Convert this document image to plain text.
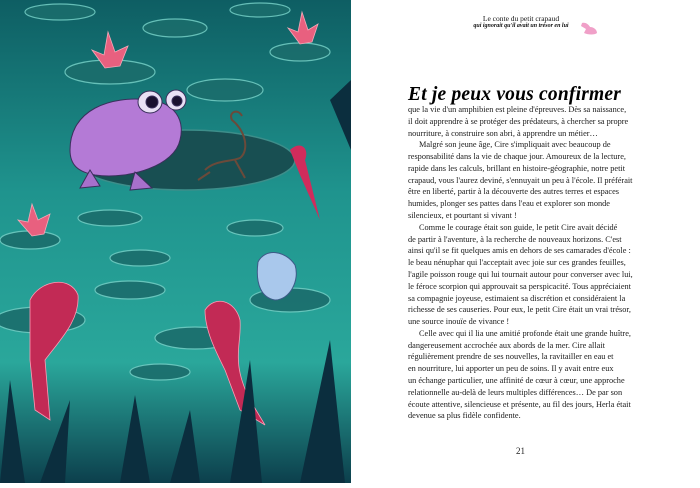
Le conte du petit crapaud
qui ignorait qu'il avait un trésor en lui
Et je peux vous confirmer
que la vie d'un amphibien est pleine d'épreuves. Dès sa naissance,
il doit apprendre à se protéger des prédateurs, à chercher sa propre
nourriture, à construire son abri, à apprendre un métier…
Malgré son jeune âge, Cire s'impliquait avec beaucoup de
responsabilité dans la vie de chaque jour. Amoureux de la lecture,
rapide dans les calculs, brillant en histoire-géographie, notre petit
crapaud, vous l'aurez deviné, s'ennuyait un peu à l'école. Il préférait
être en liberté, partir à la découverte des autres terres et espaces
humides, plonger ses pattes dans l'eau et explorer son monde
silencieux, et pourtant si vivant !
Comme le courage était son guide, le petit Cire avait décidé
de partir à l'aventure, à la recherche de nouveaux horizons. C'est
ainsi qu'il se fit quelques amis en dehors de ses camarades d'école :
le beau nénuphar qui l'acceptait avec joie sur ces grandes feuilles,
l'agile poisson rouge qui lui tournait autour pour converser avec lui,
le féroce scorpion qui approuvait sa perspicacité. Tous appréciaient
sa compagnie joyeuse, estimaient sa discrétion et considéraient la
richesse de ses causeries. Pour eux, le petit Cire était un vrai trésor,
une source inouïe de vivance !
Celle avec qui il lia une amitié profonde était une grande huître,
dangereusement accrochée aux abords de la mer. Cire allait
régulièrement prendre de ses nouvelles, la ravitailler en eau et
en nourriture, lui apporter un peu de soins. Il y avait entre eux
un échange particulier, une affinité de cœur à cœur, une approche
relationnelle au-delà de leurs multiples différences… De par son
écoute attentive, silencieuse et présente, au fil des jours, Herla était
devenue sa plus fidèle confidente.
21
